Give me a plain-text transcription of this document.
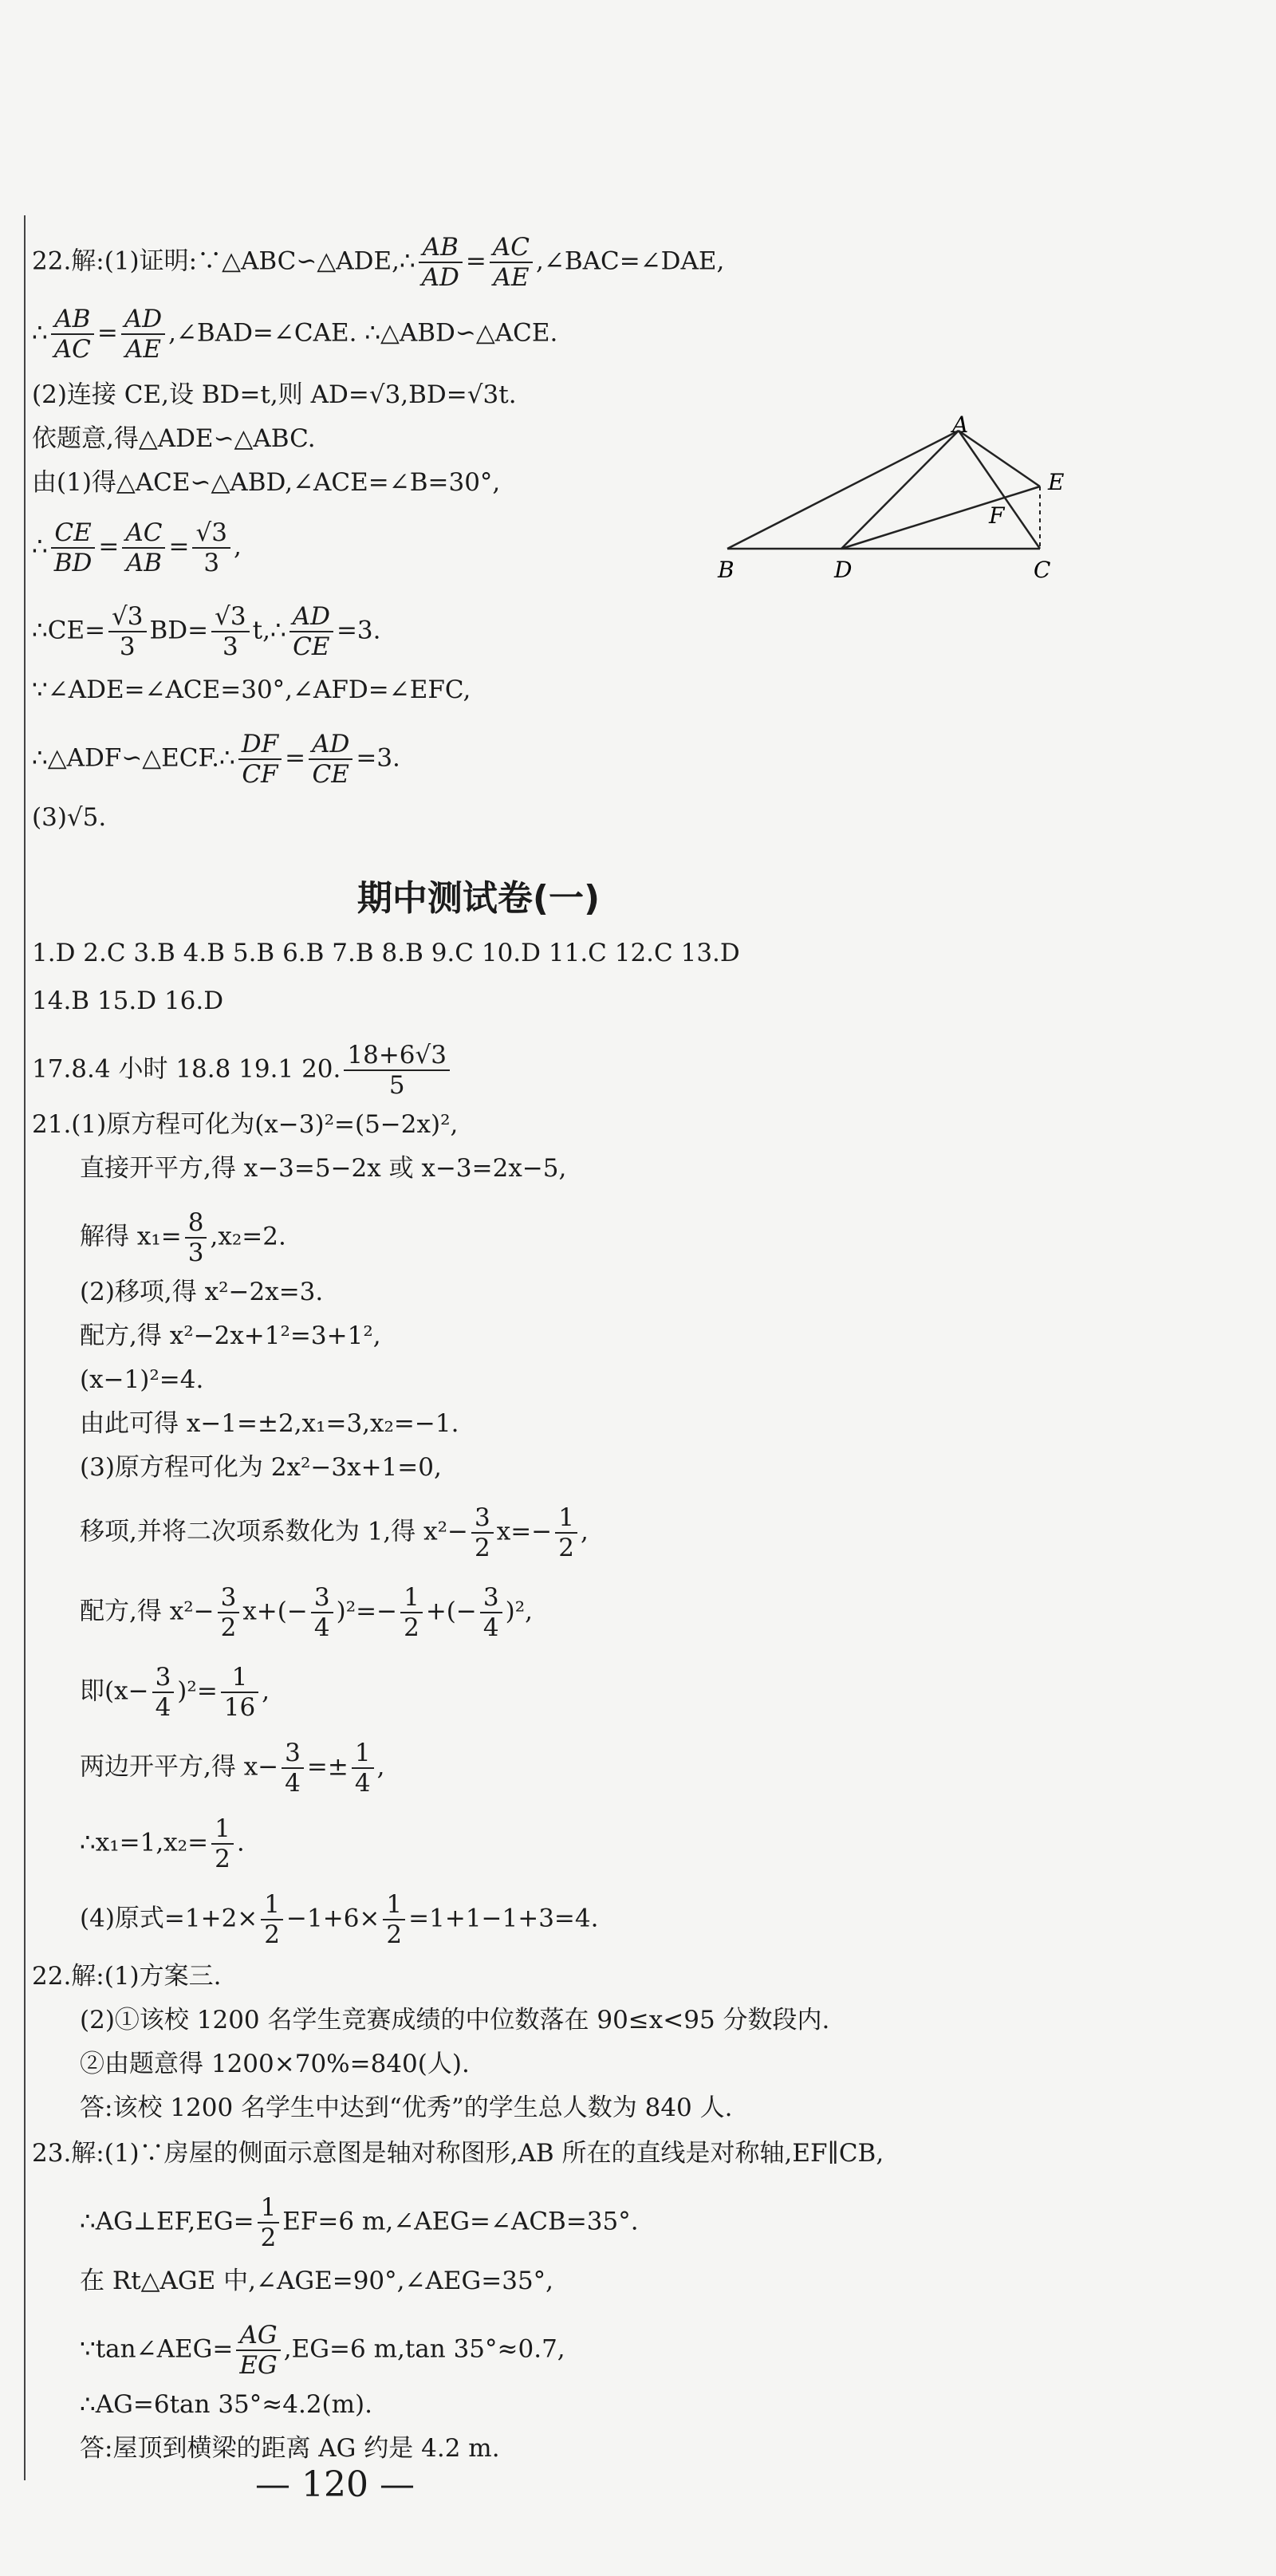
22.解:(1)证明:∵△ABC∽△ADE,∴ $\frac{AB}{AD} = \frac{AC}{AE}$ ,∠BAC=∠DAE,
∴ $\frac{AB}{AC} = \frac{AD}{AE}$ ,∠BAD=∠CAE. ∴△ABD∽△ACE.
(2)连接 CE,设 BD=t,则 AD=√3,BD=√3t.
依题意,得△ADE∽△ABC.
由(1)得△ACE∽△ABD,∠ACE=∠B=30°,
∴ $\frac{CE}{BD} = \frac{AC}{AB} = \frac{√3}{3}$ ,
∴CE= $\frac{√3}{3} BD= \frac{√3}{3}$ t,∴ $\frac{AD}{CE} =3$.
∵∠ADE=∠ACE=30°,∠AFD=∠EFC,
∴△ADF∽△ECF.∴ $\frac{DF}{CF} = \frac{AD}{CE} =3$.
(3)√5.
A
E
F
B	D	C
期中测试卷(一)
1.D 2.C 3.B 4.B 5.B 6.B 7.B 8.B 9.C 10.D 11.C 12.C 13.D
14.B 15.D 16.D
17.8.4 小时 18.8 19.1 20. $\frac{18+6√3}{5}$
21.(1)原方程可化为(x−3)²=(5−2x)²,
直接开平方,得 x−3=5−2x 或 x−3=2x−5,
解得 $x_1= \frac{8}{3} ,x_2=2$.
(2)移项,得 x²−2x=3.
配方,得 x²−2x+1²=3+1²,
(x−1)²=4.
由此可得 x−1=±2,x₁=3,x₂=−1.
(3)原方程可化为 2x²−3x+1=0,
移项,并将二次项系数化为 1,得 $x^2- \frac{3}{2} x=- \frac{1}{2}$ ,
配方,得 $x^2- \frac{3}{2} x+(- \frac{3}{4} )^2=- \frac{1}{2}$ +(− $\frac{3}{4} )^2$,
即$(x- \frac{3}{4} )^2= \frac{1}{16}$ ,
两边开平方,得 $x- \frac{3}{4} =\pm \frac{1}{4}$ ,
∴x₁=1,x₂= $\frac{1}{2}$ .
(4)原式$=1+2\times \frac{1}{2} -1+6\times \frac{1}{2} =1+1-1+3=4$.
22.解:(1)方案三.
(2)①该校 1200 名学生竞赛成绩的中位数落在 90≤x<95 分数段内.
②由题意得 1200×70%=840(人).
答:该校 1200 名学生中达到“优秀”的学生总人数为 840 人.
23.解:(1)∵房屋的侧面示意图是轴对称图形,AB 所在的直线是对称轴,EF∥CB,
∴AG⊥EF,EG= $\frac{1}{2} EF=6$ m,∠AEG=∠ACB=35°.
在 Rt△AGE 中,∠AGE=90°,∠AEG=35°,
∵tan∠AEG= $\frac{AG}{EG} ,EG=6$ m,tan 35°≈0.7,
∴AG=6tan 35°≈4.2(m).
答:屋顶到横梁的距离 AG 约是 4.2 m.
— 120 —
